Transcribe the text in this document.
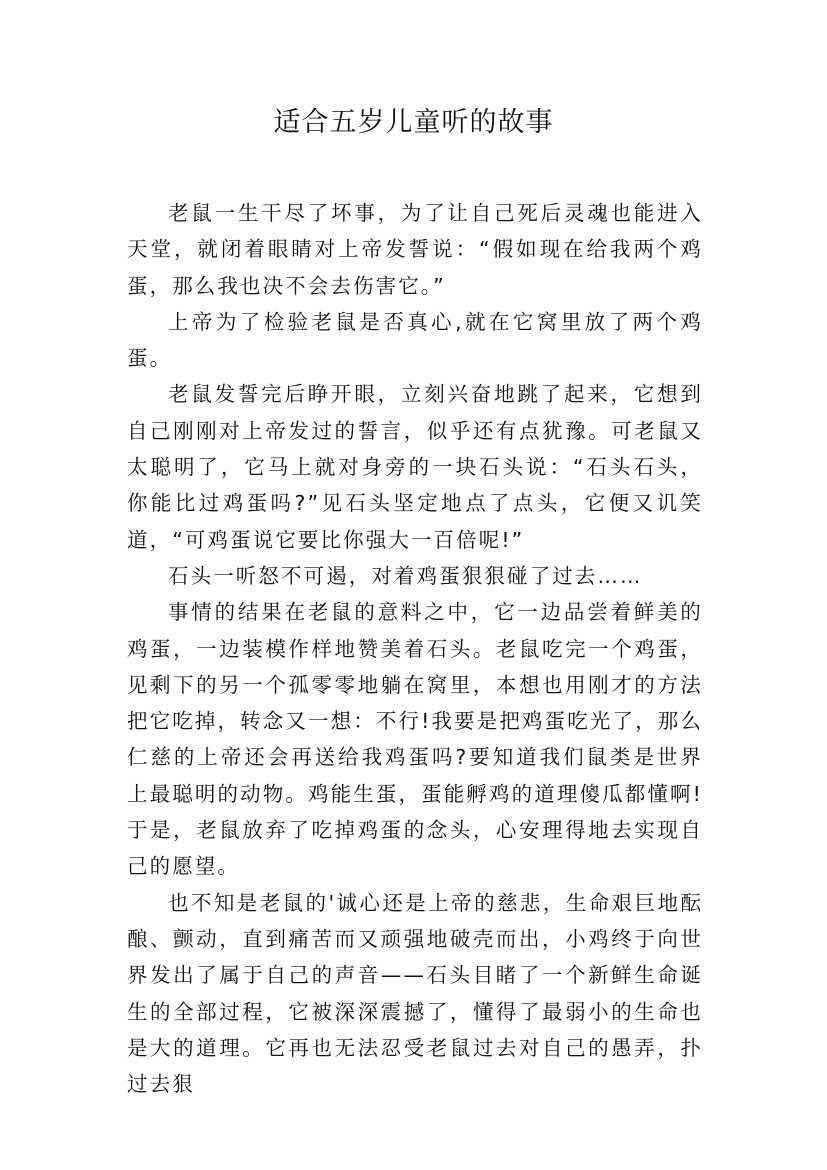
适合五岁儿童听的故事

老鼠一生干尽了坏事，为了让自己死后灵魂也能进入天堂，就闭着眼睛对上帝发誓说：“假如现在给我两个鸡蛋，那么我也决不会去伤害它。”

上帝为了检验老鼠是否真心,就在它窝里放了两个鸡蛋。

老鼠发誓完后睁开眼，立刻兴奋地跳了起来，它想到自己刚刚对上帝发过的誓言，似乎还有点犹豫。可老鼠又太聪明了，它马上就对身旁的一块石头说：“石头石头，你能比过鸡蛋吗?”见石头坚定地点了点头，它便又讥笑道，“可鸡蛋说它要比你强大一百倍呢!”

石头一听怒不可遏，对着鸡蛋狠狠碰了过去……

事情的结果在老鼠的意料之中，它一边品尝着鲜美的鸡蛋，一边装模作样地赞美着石头。老鼠吃完一个鸡蛋，见剩下的另一个孤零零地躺在窝里，本想也用刚才的方法把它吃掉，转念又一想：不行!我要是把鸡蛋吃光了，那么仁慈的上帝还会再送给我鸡蛋吗?要知道我们鼠类是世界上最聪明的动物。鸡能生蛋，蛋能孵鸡的道理傻瓜都懂啊!于是，老鼠放弃了吃掉鸡蛋的念头，心安理得地去实现自己的愿望。

也不知是老鼠的'诚心还是上帝的慈悲，生命艰巨地酝酿、颤动，直到痛苦而又顽强地破壳而出，小鸡终于向世界发出了属于自己的声音——石头目睹了一个新鲜生命诞生的全部过程，它被深深震撼了，懂得了最弱小的生命也是大的道理。它再也无法忍受老鼠过去对自己的愚弄，扑过去狠
